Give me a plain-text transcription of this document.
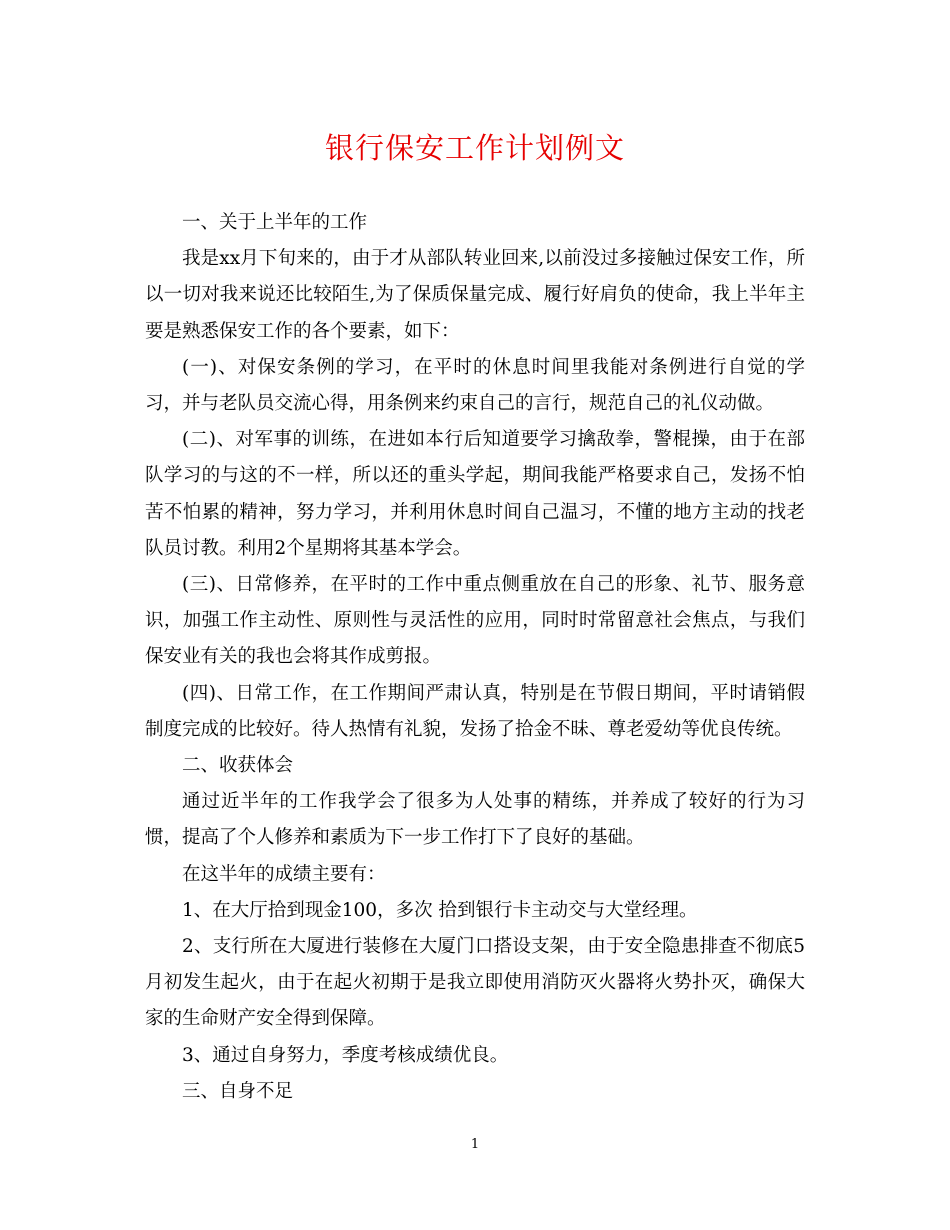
银行保安工作计划例文

一、关于上半年的工作

我是xx月下旬来的，由于才从部队转业回来,以前没过多接触过保安工作，所以一切对我来说还比较陌生,为了保质保量完成、履行好肩负的使命，我上半年主要是熟悉保安工作的各个要素，如下：

(一)、对保安条例的学习，在平时的休息时间里我能对条例进行自觉的学习，并与老队员交流心得，用条例来约束自己的言行，规范自己的礼仪动做。

(二)、对军事的训练，在进如本行后知道要学习擒敌拳，警棍操，由于在部队学习的与这的不一样，所以还的重头学起，期间我能严格要求自己，发扬不怕苦不怕累的精神，努力学习，并利用休息时间自己温习，不懂的地方主动的找老队员讨教。利用2个星期将其基本学会。

(三)、日常修养，在平时的工作中重点侧重放在自己的形象、礼节、服务意识，加强工作主动性、原则性与灵活性的应用，同时时常留意社会焦点，与我们保安业有关的我也会将其作成剪报。

(四)、日常工作，在工作期间严肃认真，特别是在节假日期间，平时请销假制度完成的比较好。待人热情有礼貌，发扬了拾金不昧、尊老爱幼等优良传统。

二、收获体会

通过近半年的工作我学会了很多为人处事的精练，并养成了较好的行为习惯，提高了个人修养和素质为下一步工作打下了良好的基础。

在这半年的成绩主要有：

1、在大厅拾到现金100，多次 拾到银行卡主动交与大堂经理。

2、支行所在大厦进行装修在大厦门口搭设支架，由于安全隐患排查不彻底5月初发生起火，由于在起火初期于是我立即使用消防灭火器将火势扑灭，确保大家的生命财产安全得到保障。

3、通过自身努力，季度考核成绩优良。

三、自身不足

1
